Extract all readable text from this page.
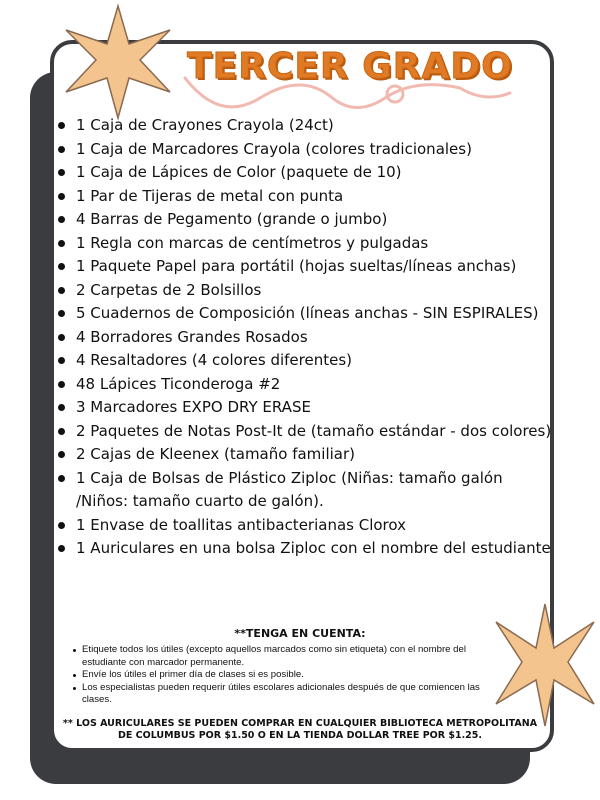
TERCER GRADO
1 Caja de Crayones Crayola (24ct)
1 Caja de Marcadores Crayola (colores tradicionales)
1 Caja de Lápices de Color (paquete de 10)
1 Par de Tijeras de metal con punta
4 Barras de Pegamento (grande o jumbo)
1 Regla con marcas de centímetros y pulgadas
1 Paquete Papel para portátil (hojas sueltas/líneas anchas)
2 Carpetas de 2 Bolsillos
5 Cuadernos de Composición (líneas anchas - SIN ESPIRALES)
4 Borradores Grandes Rosados
4 Resaltadores (4 colores diferentes)
48 Lápices Ticonderoga #2
3 Marcadores EXPO DRY ERASE
2 Paquetes de Notas Post-It de (tamaño estándar - dos colores)
2 Cajas de Kleenex (tamaño familiar)
1 Caja de Bolsas de Plástico Ziploc (Niñas: tamaño galón /Niños: tamaño cuarto de galón).
1 Envase de toallitas antibacterianas Clorox
1 Auriculares en una bolsa Ziploc con el nombre del estudiante
**TENGA EN CUENTA:
Etiquete todos los útiles (excepto aquellos marcados como sin etiqueta) con el nombre del estudiante con marcador permanente.
Envíe los útiles el primer día de clases si es posible.
Los especialistas pueden requerir útiles escolares adicionales después de que comiencen las clases.
** LOS AURICULARES SE PUEDEN COMPRAR EN CUALQUIER BIBLIOTECA METROPOLITANA DE COLUMBUS POR $1.50 O EN LA TIENDA DOLLAR TREE POR $1.25.
